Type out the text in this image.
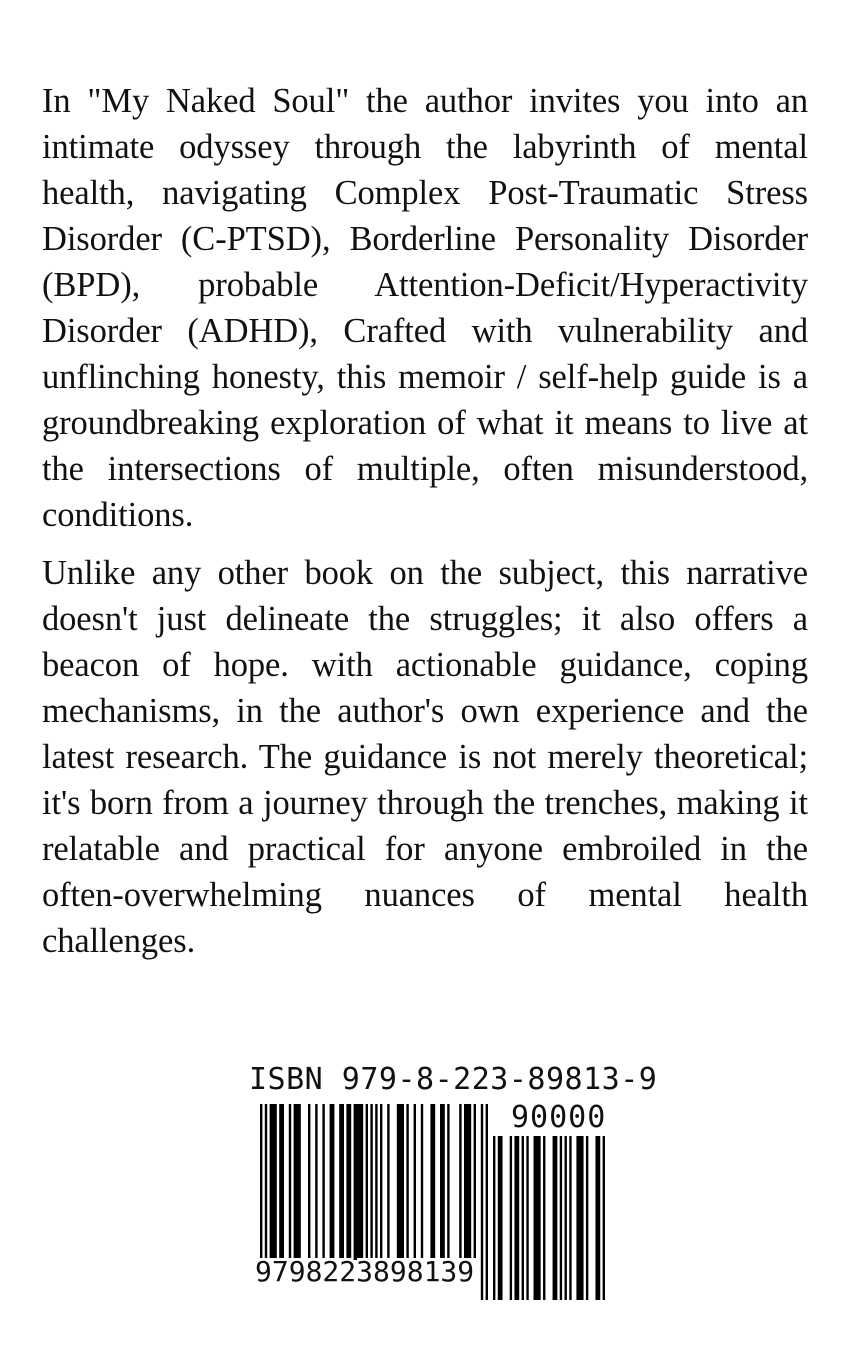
In "My Naked Soul" the author invites you into an intimate odyssey through the labyrinth of mental health, navigating Complex Post-Traumatic Stress Disorder (C-PTSD), Borderline Personality Disorder (BPD), probable Attention-Deficit/Hyperactivity Disorder (ADHD), Crafted with vulnerability and unflinching honesty, this memoir / self-help guide is a groundbreaking exploration of what it means to live at the intersections of multiple, often misunderstood, conditions.

Unlike any other book on the subject, this narrative doesn't just delineate the struggles; it also offers a beacon of hope. with actionable guidance, coping mechanisms, in the author's own experience and the latest research. The guidance is not merely theoretical; it's born from a journey through the trenches, making it relatable and practical for anyone embroiled in the often-overwhelming nuances of mental health challenges.

ISBN 979-8-223-89813-9
90000
9798223898139
